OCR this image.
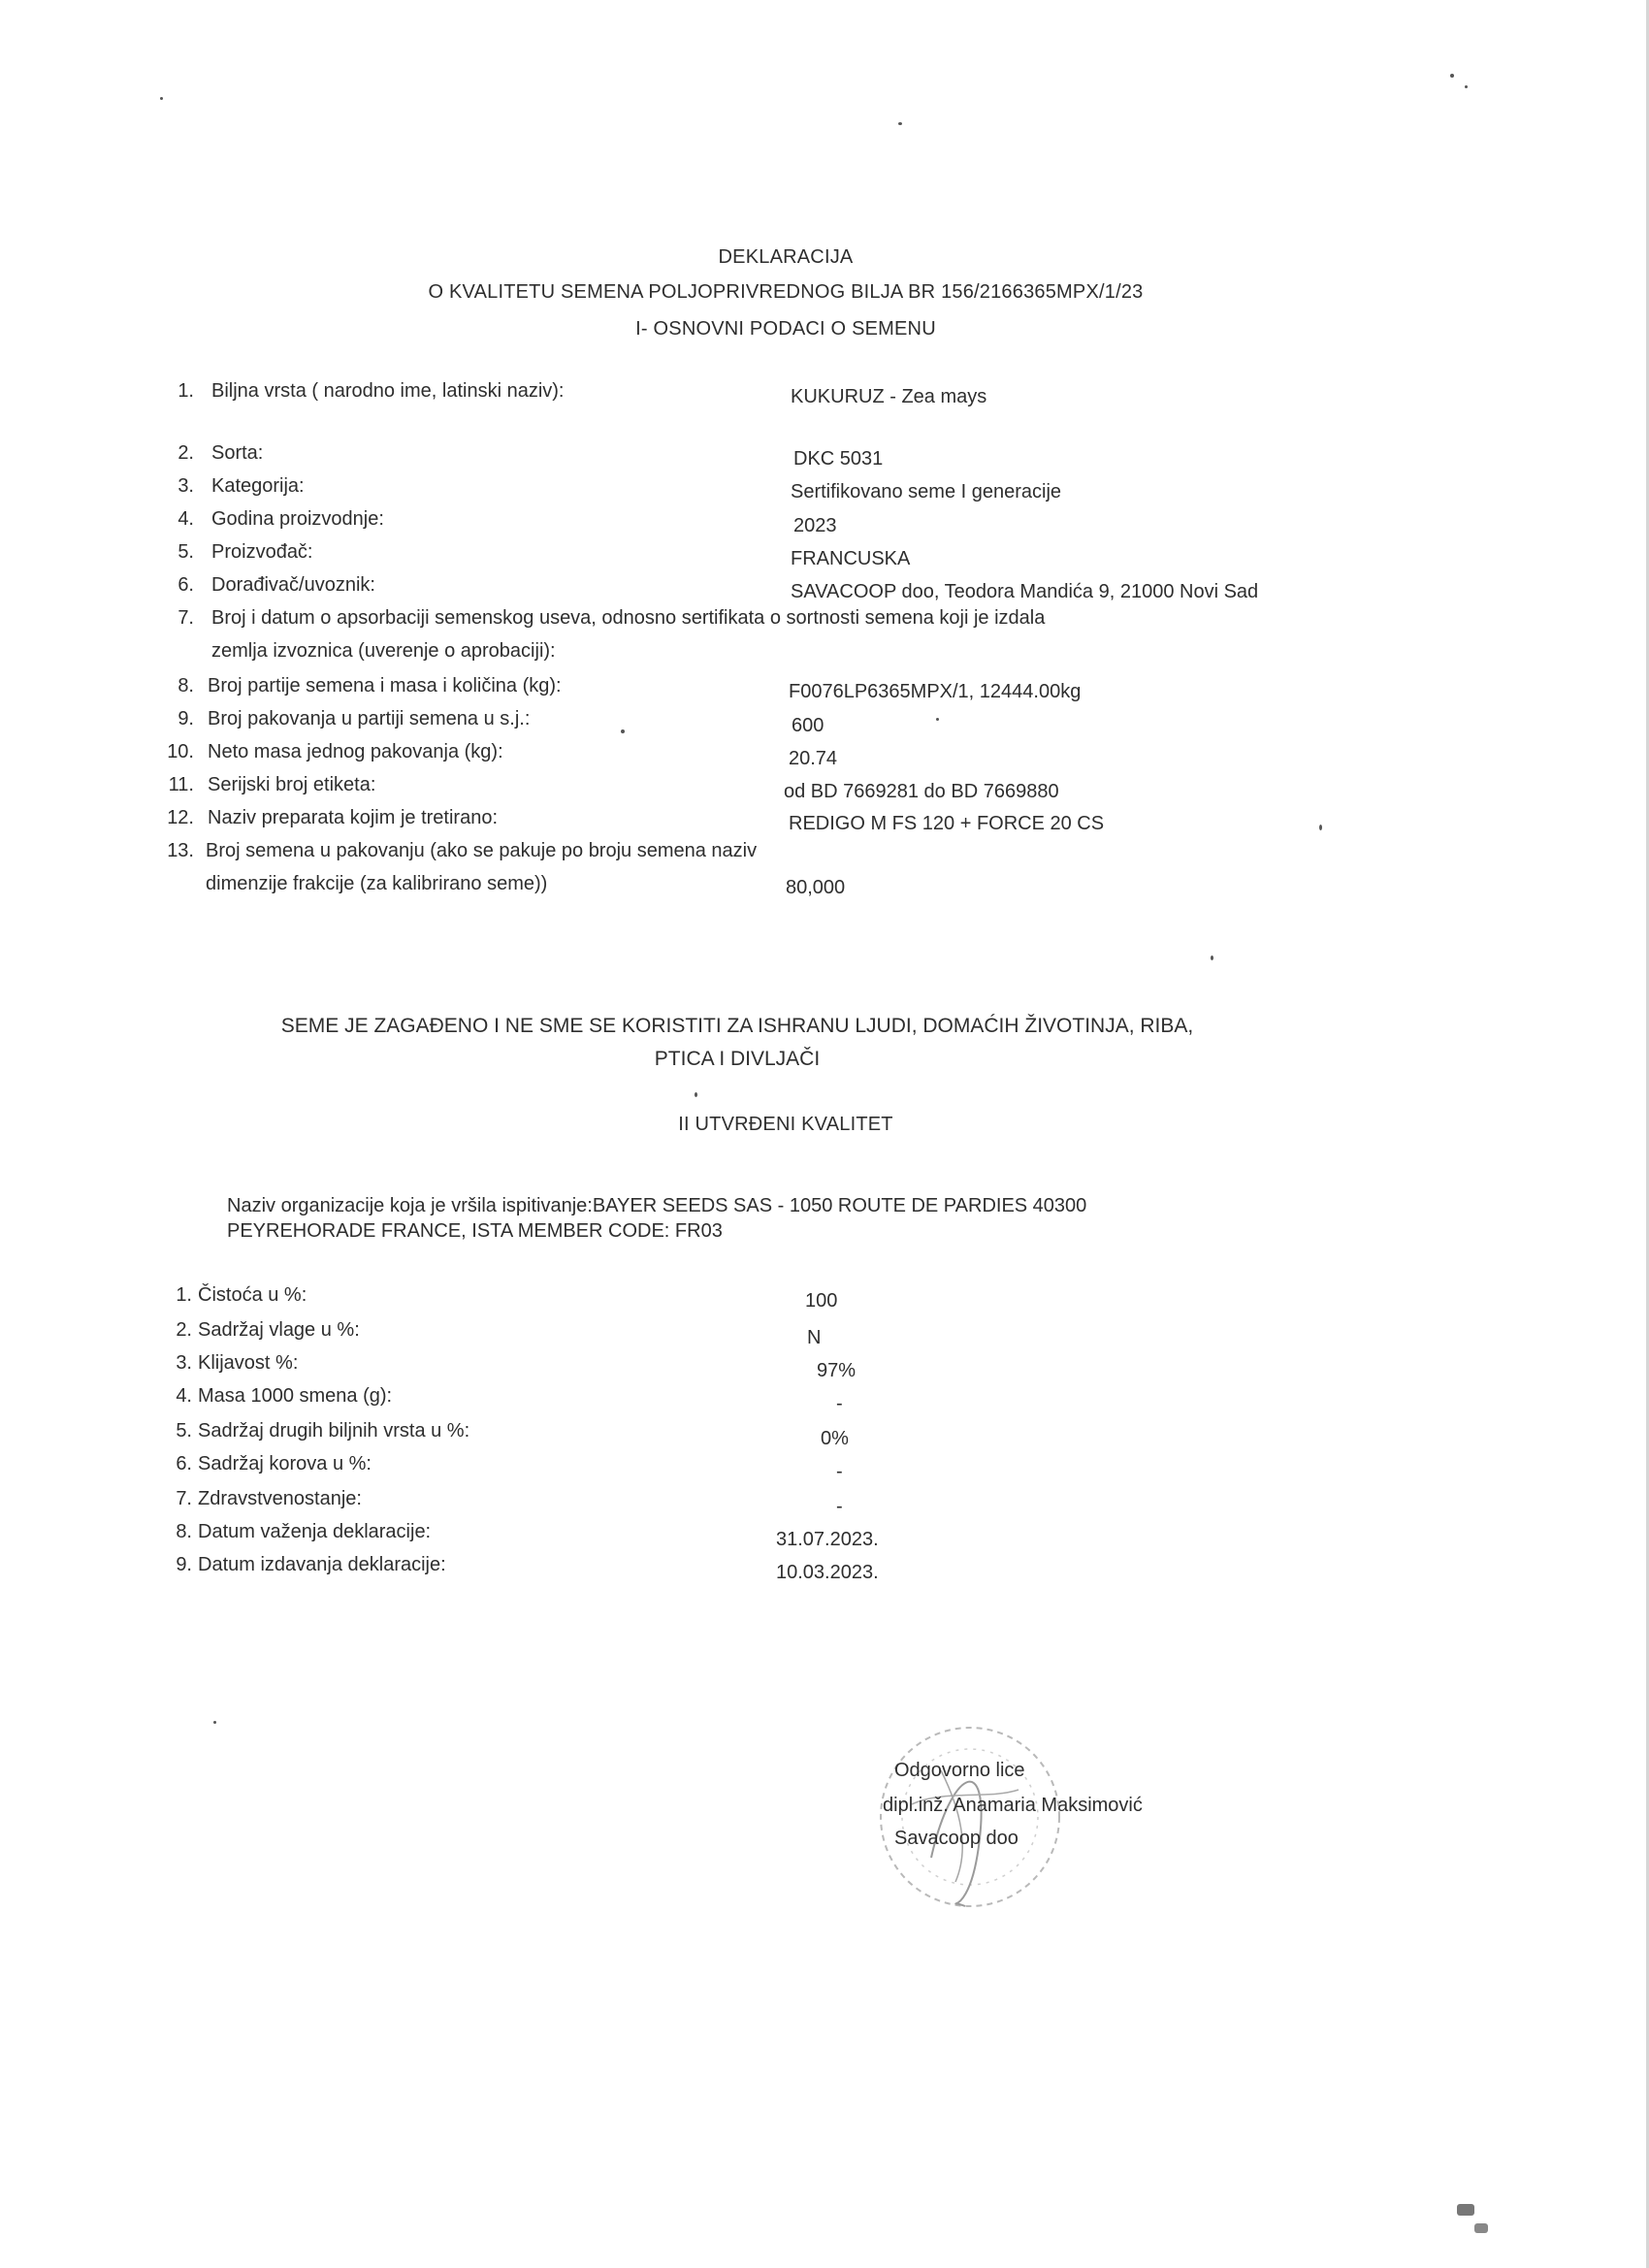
DEKLARACIJA
O KVALITETU SEMENA POLJOPRIVREDNOG BILJA BR 156/2166365MPX/1/23
I- OSNOVNI PODACI O SEMENU
1. Biljna vrsta ( narodno ime, latinski naziv):	KUKURUZ - Zea mays
2. Sorta:	DKC 5031
3. Kategorija:	Sertifikovano seme I generacije
4. Godina proizvodnje:	2023
5. Proizvođač:	FRANCUSKA
6. Dorađivač/uvoznik:	SAVACOOP doo, Teodora Mandića 9, 21000 Novi Sad
7. Broj i datum o apsorbaciji semenskog useva, odnosno sertifikata o sortnosti semena koji je izdala
zemlja izvoznica (uverenje o aprobaciji):
8. Broj partije semena i masa i količina (kg):	F0076LP6365MPX/1, 12444.00kg
9. Broj pakovanja u partiji semena u s.j.:	600
10. Neto masa jednog pakovanja (kg):	20.74
11. Serijski broj etiketa:	od BD 7669281 do BD 7669880
12. Naziv preparata kojim je tretirano:	REDIGO M FS 120 + FORCE 20 CS
13. Broj semena u pakovanju (ako se pakuje po broju semena naziv
dimenzije frakcije (za kalibrirano seme))	80,000
SEME JE ZAGAĐENO I NE SME SE KORISTITI ZA ISHRANU LJUDI, DOMAĆIH ŽIVOTINJA, RIBA,
PTICA I DIVLJAČI
II UTVRĐENI KVALITET
Naziv organizacije koja je vršila ispitivanje:BAYER SEEDS SAS - 1050 ROUTE DE PARDIES 40300
PEYREHORADE FRANCE, ISTA MEMBER CODE: FR03
1. Čistoća u %:	100
2. Sadržaj vlage u %:	N
3. Klijavost %:	97%
4. Masa 1000 smena (g):	-
5. Sadržaj drugih biljnih vrsta u %:	0%
6. Sadržaj korova u %:	-
7. Zdravstvenostanje:	-
8. Datum važenja deklaracije:	31.07.2023.
9. Datum izdavanja deklaracije:	10.03.2023.
Odgovorno lice
dipl.inž. Anamaria Maksimović
Savacoop doo
